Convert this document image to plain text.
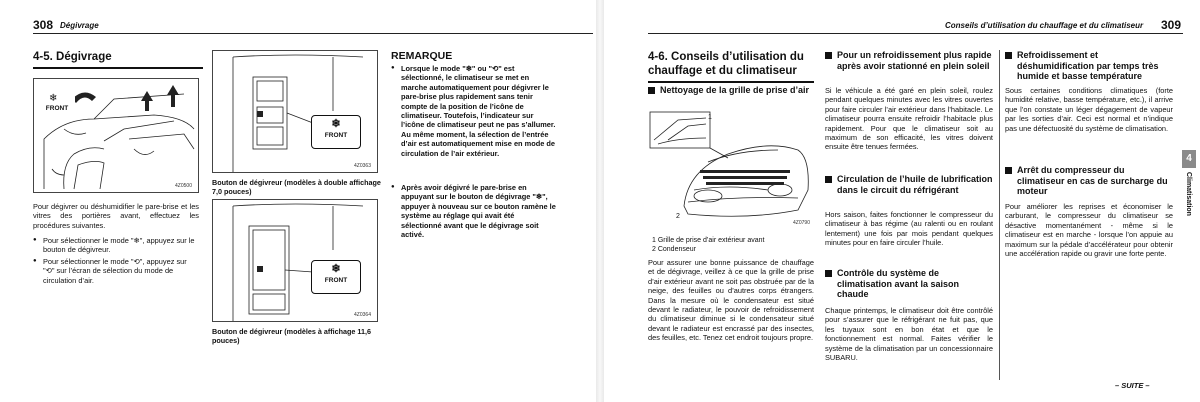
308 Dégivrage
4-5. Dégivrage
FRONT
❄
4Z0500
Pour dégivrer ou déshumidifier le pare-brise et les vitres des portières avant, effectuez les procédures suivantes.
● Pour sélectionner le mode "❄", appuyez sur le bouton de dégivreur.
● Pour sélectionner le mode "⟲", appuyez sur "⟲" sur l’écran de sélection du mode de circulation d’air.
❄
FRONT
4Z0363
Bouton de dégivreur (modèles à double affichage 7,0 pouces)
❄
FRONT
4Z0364
Bouton de dégivreur (modèles à affichage 11,6 pouces)
REMARQUE
● Lorsque le mode "❄" ou "⟲" est sélectionné, le climatiseur se met en marche automatiquement pour dégivrer le pare-brise plus rapidement sans tenir compte de la position de l’icône de climatiseur. Toutefois, l’indicateur sur l’icône de climatiseur peut ne pas s’allumer. Au même moment, la sélection de l’entrée d’air est automatiquement mise en mode de circulation de l’air extérieur.
● Après avoir dégivré le pare-brise en appuyant sur le bouton de dégivrage "❄", appuyer à nouveau sur ce bouton ramène le système au réglage qui avait été sélectionné avant que le dégivrage soit activé.
Conseils d’utilisation du chauffage et du climatiseur 309
4-6. Conseils d’utilisation du
chauffage et du climatiseur
Nettoyage de la grille de prise d’air
1
2
4Z0790
1 Grille de prise d’air extérieur avant
2 Condenseur
Pour assurer une bonne puissance de chauffage et de dégivrage, veillez à ce que la grille de prise d’air extérieur avant ne soit pas obstruée par de la neige, des feuilles ou d’autres corps étrangers. Dans la mesure où le condensateur est situé devant le radiateur, le pouvoir de refroidissement du climatiseur diminue si le condensateur situé devant le radiateur est encrassé par des insectes, des feuilles, etc. Tenez cet endroit toujours propre.
Pour un refroidissement plus rapide après avoir stationné en plein soleil
Si le véhicule a été garé en plein soleil, roulez pendant quelques minutes avec les vitres ouvertes pour faire circuler l’air extérieur dans l’habitacle. Le climatiseur pourra ensuite refroidir l’habitacle plus rapidement. Pour que le climatiseur soit au maximum de son efficacité, les vitres doivent ensuite être tenues fermées.
Circulation de l’huile de lubrification dans le circuit du réfrigérant
Hors saison, faites fonctionner le compresseur du climatiseur à bas régime (au ralenti ou en roulant lentement) une fois par mois pendant quelques minutes pour en faire circuler l’huile.
Contrôle du système de climatisation avant la saison chaude
Chaque printemps, le climatiseur doit être contrôlé pour s’assurer que le réfrigérant ne fuit pas, que les tuyaux sont en bon état et que le fonctionnement est normal. Faites vérifier le système de la climatisation par un concessionnaire SUBARU.
Refroidissement et déshumidification par temps très humide et basse température
Sous certaines conditions climatiques (forte humidité relative, basse température, etc.), il arrive que l’on constate un léger dégagement de vapeur par les sorties d’air. Ceci est normal et n’indique pas une défectuosité du système de climatisation.
Arrêt du compresseur du climatiseur en cas de surcharge du moteur
Pour améliorer les reprises et économiser le carburant, le compresseur du climatiseur se désactive momentanément - même si le climatiseur est en marche - lorsque l’on appuie au maximum sur la pédale d’accélérateur pour obtenir une accélération rapide ou gravir une forte pente.
4
Climatisation
– SUITE –
